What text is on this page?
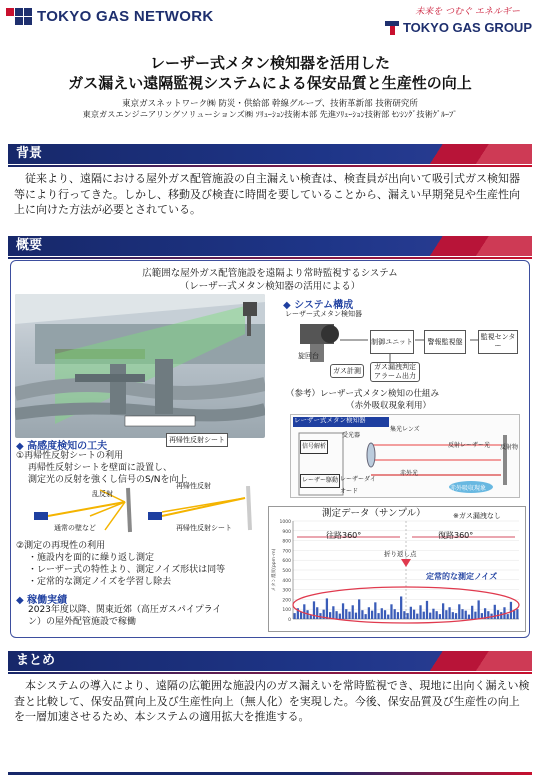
TOKYO GAS NETWORK	未来を つむぐ エネルギー
TOKYO GAS GROUP
レーザー式メタン検知器を活用した
ガス漏えい遠隔監視システムによる保安品質と生産性の向上
東京ガスネットワーク㈱ 防災・供給部 幹線グループ、技術革新部 技術研究所
東京ガスエンジニアリングソリューションズ㈱ ｿﾘｭｰｼｮﾝ技術本部 先進ｿﾘｭｰｼｮﾝ技術部 ｾﾝｼﾝｸﾞ技術ｸﾞﾙｰﾌﾟ
背景
従来より、遠隔における屋外ガス配管施設の自主漏えい検査は、検査員が出向いて吸引式ガス検知器等により行ってきた。しかし、移動及び検査に時間を要していることから、漏えい早期発見や生産性向上に向けた方法が必要とされている。
概要
広範囲な屋外ガス配管施設を遠隔より常時監視するシステム
（レーザー式メタン検知器の活用による）
再帰性反射シート
◆ システム構成
レーザー式メタン検知器
制御ユニット	警報監視盤
監視センター
旋回台
ガス計測	ガス漏洩判定アラーム出力
（参考）レーザー式メタン検知の仕組み
（赤外吸収現象利用）
レーザー式メタン検知器
受光器
信号解析
レーザー駆動 レーザーダイオード
集光レンズ
反射レーザー光 反射物
赤外光
赤外吸収現象
◆ 高感度検知の工夫
①再帰性反射シートの利用
再帰性反射シートを壁面に設置し、
測定光の反射を強くし信号のS/Nを向上
乱反射
再帰性反射
通常の壁など	再帰性反射シート
②測定の再現性の利用
・施設内を面的に繰り返し測定
・レーザー式の特性より、測定ノイズ形状は同等
・定常的な測定ノイズを学習し除去
◆ 稼働実績
2023年度以降、関東近郊（高圧ガスパイプライ
ン）の屋外配管施設で稼働	0
100
200
300
400
500
600
700
800
900
1000
メタン濃度(ppm･m)
測定データ（サンプル）	※ガス漏洩なし
往路360°	復路360°
折り返し点
定常的な測定ノイズ
まとめ
本システムの導入により、遠隔の広範囲な施設内のガス漏えいを常時監視でき、現地に出向く漏えい検査と比較して、保安品質向上及び生産性向上（無人化）を実現した。今後、保安品質及び生産性の向上を一層加速させるため、本システムの適用拡大を推進する。
